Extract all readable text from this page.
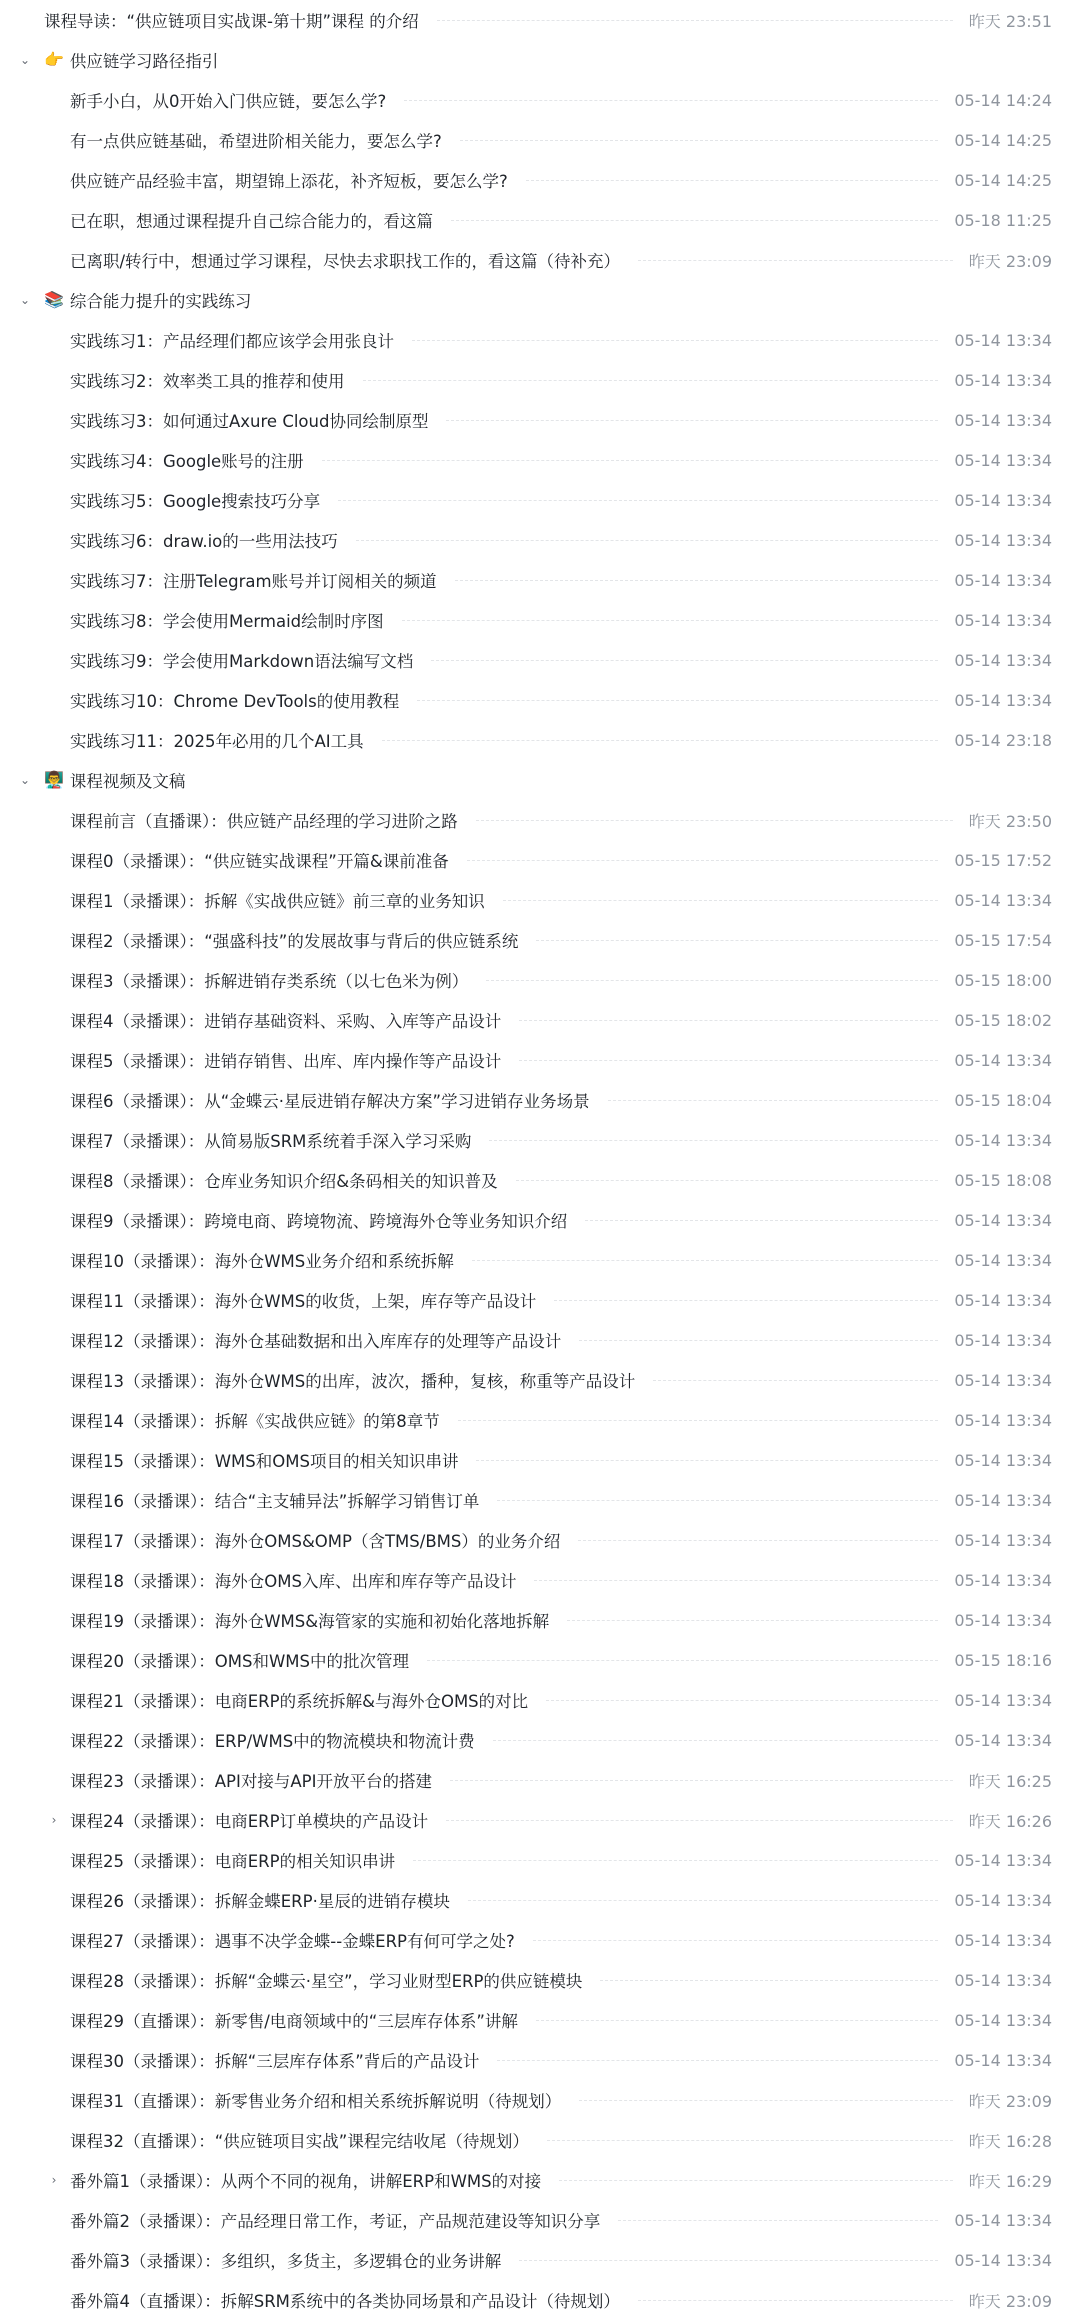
课程导读：“供应链项目实战课-第十期”课程 的介绍	昨天 23:51
⌄ 👉 供应链学习路径指引
新手小白，从0开始入门供应链，要怎么学?	05-14 14:24
有一点供应链基础，希望进阶相关能力，要怎么学?	05-14 14:25
供应链产品经验丰富，期望锦上添花，补齐短板，要怎么学?	05-14 14:25
已在职，想通过课程提升自己综合能力的，看这篇	05-18 11:25
已离职/转行中，想通过学习课程，尽快去求职找工作的，看这篇（待补充）	昨天 23:09
⌄ 📚 综合能力提升的实践练习
实践练习1：产品经理们都应该学会用张良计	05-14 13:34
实践练习2：效率类工具的推荐和使用	05-14 13:34
实践练习3：如何通过Axure Cloud协同绘制原型	05-14 13:34
实践练习4：Google账号的注册	05-14 13:34
实践练习5：Google搜索技巧分享	05-14 13:34
实践练习6：draw.io的一些用法技巧	05-14 13:34
实践练习7：注册Telegram账号并订阅相关的频道	05-14 13:34
实践练习8：学会使用Mermaid绘制时序图	05-14 13:34
实践练习9：学会使用Markdown语法编写文档	05-14 13:34
实践练习10：Chrome DevTools的使用教程	05-14 13:34
实践练习11：2025年必用的几个AI工具	05-14 23:18
⌄ 👨‍🏫 课程视频及文稿
课程前言（直播课）：供应链产品经理的学习进阶之路	昨天 23:50
课程0（录播课）：“供应链实战课程”开篇&课前准备	05-15 17:52
课程1（录播课）：拆解《实战供应链》前三章的业务知识	05-14 13:34
课程2（录播课）：“强盛科技”的发展故事与背后的供应链系统	05-15 17:54
课程3（录播课）：拆解进销存类系统（以七色米为例）	05-15 18:00
课程4（录播课）：进销存基础资料、采购、入库等产品设计	05-15 18:02
课程5（录播课）：进销存销售、出库、库内操作等产品设计	05-14 13:34
课程6（录播课）：从“金蝶云·星辰进销存解决方案”学习进销存业务场景	05-15 18:04
课程7（录播课）：从简易版SRM系统着手深入学习采购	05-14 13:34
课程8（录播课）：仓库业务知识介绍&条码相关的知识普及	05-15 18:08
课程9（录播课）：跨境电商、跨境物流、跨境海外仓等业务知识介绍	05-14 13:34
课程10（录播课）：海外仓WMS业务介绍和系统拆解	05-14 13:34
课程11（录播课）：海外仓WMS的收货，上架，库存等产品设计	05-14 13:34
课程12（录播课）：海外仓基础数据和出入库库存的处理等产品设计	05-14 13:34
课程13（录播课）：海外仓WMS的出库，波次，播种，复核，称重等产品设计	05-14 13:34
课程14（录播课）：拆解《实战供应链》的第8章节	05-14 13:34
课程15（录播课）：WMS和OMS项目的相关知识串讲	05-14 13:34
课程16（录播课）：结合“主支辅异法”拆解学习销售订单	05-14 13:34
课程17（录播课）：海外仓OMS&OMP（含TMS/BMS）的业务介绍	05-14 13:34
课程18（录播课）：海外仓OMS入库、出库和库存等产品设计	05-14 13:34
课程19（录播课）：海外仓WMS&海管家的实施和初始化落地拆解	05-14 13:34
课程20（录播课）：OMS和WMS中的批次管理	05-15 18:16
课程21（录播课）：电商ERP的系统拆解&与海外仓OMS的对比	05-14 13:34
课程22（录播课）：ERP/WMS中的物流模块和物流计费	05-14 13:34
课程23（录播课）：API对接与API开放平台的搭建	昨天 16:25
› 课程24（录播课）：电商ERP订单模块的产品设计	昨天 16:26
课程25（录播课）：电商ERP的相关知识串讲	05-14 13:34
课程26（录播课）：拆解金蝶ERP·星辰的进销存模块	05-14 13:34
课程27（录播课）：遇事不决学金蝶--金蝶ERP有何可学之处?	05-14 13:34
课程28（录播课）：拆解“金蝶云·星空”，学习业财型ERP的供应链模块	05-14 13:34
课程29（直播课）：新零售/电商领域中的“三层库存体系”讲解	05-14 13:34
课程30（录播课）：拆解“三层库存体系”背后的产品设计	05-14 13:34
课程31（直播课）：新零售业务介绍和相关系统拆解说明（待规划）	昨天 23:09
课程32（直播课）：“供应链项目实战”课程完结收尾（待规划）	昨天 16:28
› 番外篇1（录播课）：从两个不同的视角，讲解ERP和WMS的对接	昨天 16:29
番外篇2（录播课）：产品经理日常工作，考证，产品规范建设等知识分享	05-14 13:34
番外篇3（录播课）：多组织，多货主，多逻辑仓的业务讲解	05-14 13:34
番外篇4（直播课）：拆解SRM系统中的各类协同场景和产品设计（待规划）	昨天 23:09
